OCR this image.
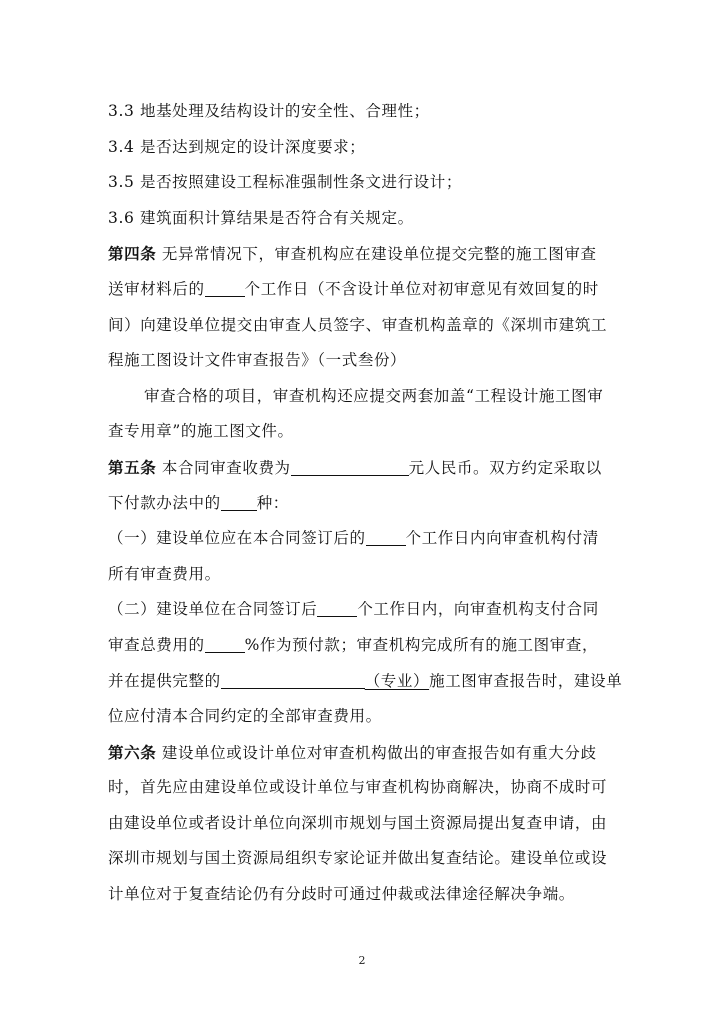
3.3 地基处理及结构设计的安全性、合理性；
3.4 是否达到规定的设计深度要求；
3.5 是否按照建设工程标准强制性条文进行设计；
3.6 建筑面积计算结果是否符合有关规定。
第四条 无异常情况下，审查机构应在建设单位提交完整的施工图审查
送审材料后的	个工作日（不含设计单位对初审意见有效回复的时
间）向建设单位提交由审查人员签字、审查机构盖章的《深圳市建筑工
程施工图设计文件审查报告》（一式叁份）
审查合格的项目，审查机构还应提交两套加盖“工程设计施工图审
查专用章”的施工图文件。
第五条 本合同审查收费为	元人民币。双方约定采取以
下付款办法中的 种：
（一）建设单位应在本合同签订后的	个工作日内向审查机构付清
所有审查费用。
（二）建设单位在合同签订后	个工作日内，向审查机构支付合同
审查总费用的	%作为预付款；审查机构完成所有的施工图审查，
并在提供完整的	（专业）施工图审查报告时，建设单
位应付清本合同约定的全部审查费用。
第六条 建设单位或设计单位对审查机构做出的审查报告如有重大分歧
时，首先应由建设单位或设计单位与审查机构协商解决，协商不成时可
由建设单位或者设计单位向深圳市规划与国土资源局提出复查申请，由
深圳市规划与国土资源局组织专家论证并做出复查结论。建设单位或设
计单位对于复查结论仍有分歧时可通过仲裁或法律途径解决争端。
2
